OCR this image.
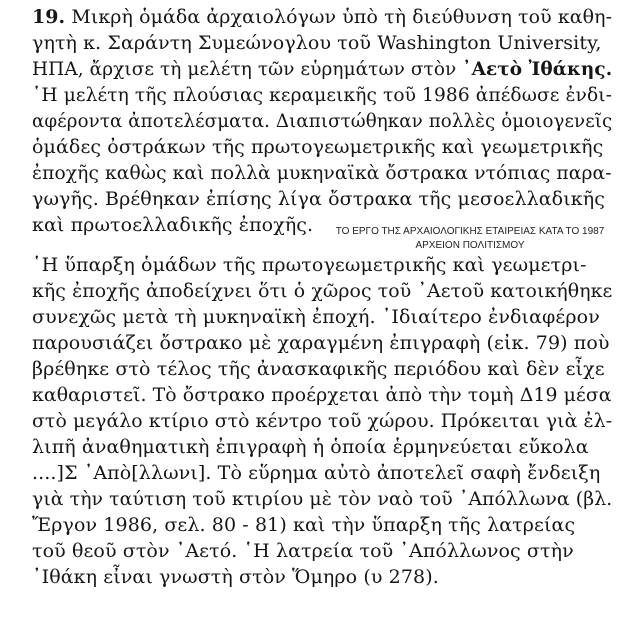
19. Μικρὴ ὁμάδα ἀρχαιολόγων ὑπὸ τὴ διεύθυνση τοῦ καθη-
γητὴ κ. Σαράντη Συμεώνογλου τοῦ Washington University,
ΗΠΑ, ἄρχισε τὴ μελέτη τῶν εὑρημάτων στὸν ᾿Αετὸ Ἰθάκης.
῾Η μελέτη τῆς πλούσιας κεραμεικῆς τοῦ 1986 ἀπέδωσε ἐνδι-
αφέροντα ἀποτελέσματα. Διαπιστώθηκαν πολλὲς ὁμοιογενεῖς
ὁμάδες ὀστράκων τῆς πρωτογεωμετρικῆς καὶ γεωμετρικῆς
ἐποχῆς καθὼς καὶ πολλὰ μυκηναϊκὰ ὄστρακα ντόπιας παρα-
γωγῆς. Βρέθηκαν ἐπίσης λίγα ὄστρακα τῆς μεσοελλαδικῆς
καὶ πρωτοελλαδικῆς ἐποχῆς.	ΤΟ ΕΡΓΟ ΤΗΣ ΑΡΧΑΙΟΛΟΓΙΚΗΣ ΕΤΑΙΡΕΙΑΣ ΚΑΤΑ ΤΟ 1987
ΑΡΧΕΙΟΝ ΠΟΛΙΤΙΣΜΟΥ
῾Η ὕπαρξη ὁμάδων τῆς πρωτογεωμετρικῆς καὶ γεωμετρι-
κῆς ἐποχῆς ἀποδείχνει ὅτι ὁ χῶρος τοῦ ᾿Αετοῦ κατοικήθηκε
συνεχῶς μετὰ τὴ μυκηναϊκὴ ἐποχή. ᾿Ιδιαίτερο ἐνδιαφέρον
παρουσιάζει ὄστρακο μὲ χαραγμένη ἐπιγραφὴ (εἰκ. 79) ποὺ
βρέθηκε στὸ τέλος τῆς ἀνασκαφικῆς περιόδου καὶ δὲν εἶχε
καθαριστεῖ. Τὸ ὄστρακο προέρχεται ἀπὸ τὴν τομὴ Δ19 μέσα
στὸ μεγάλο κτίριο στὸ κέντρο τοῦ χώρου. Πρόκειται γιὰ ἐλ-
λιπῆ ἀναθηματικὴ ἐπιγραφὴ ἡ ὁποία ἑρμηνεύεται εὔκολα
....]Σ ᾿Απὸ[λλωνι]. Τὸ εὕρημα αὐτὸ ἀποτελεῖ σαφὴ ἔνδειξη
γιὰ τὴν ταύτιση τοῦ κτιρίου μὲ τὸν ναὸ τοῦ ᾿Απόλλωνα (βλ.
Ἔργον 1986, σελ. 80 - 81) καὶ τὴν ὕπαρξη τῆς λατρείας
τοῦ θεοῦ στὸν ᾿Αετό. ῾Η λατρεία τοῦ ᾿Απόλλωνος στὴν
᾿Ιθάκη εἶναι γνωστὴ στὸν Ὅμηρο (υ 278).
